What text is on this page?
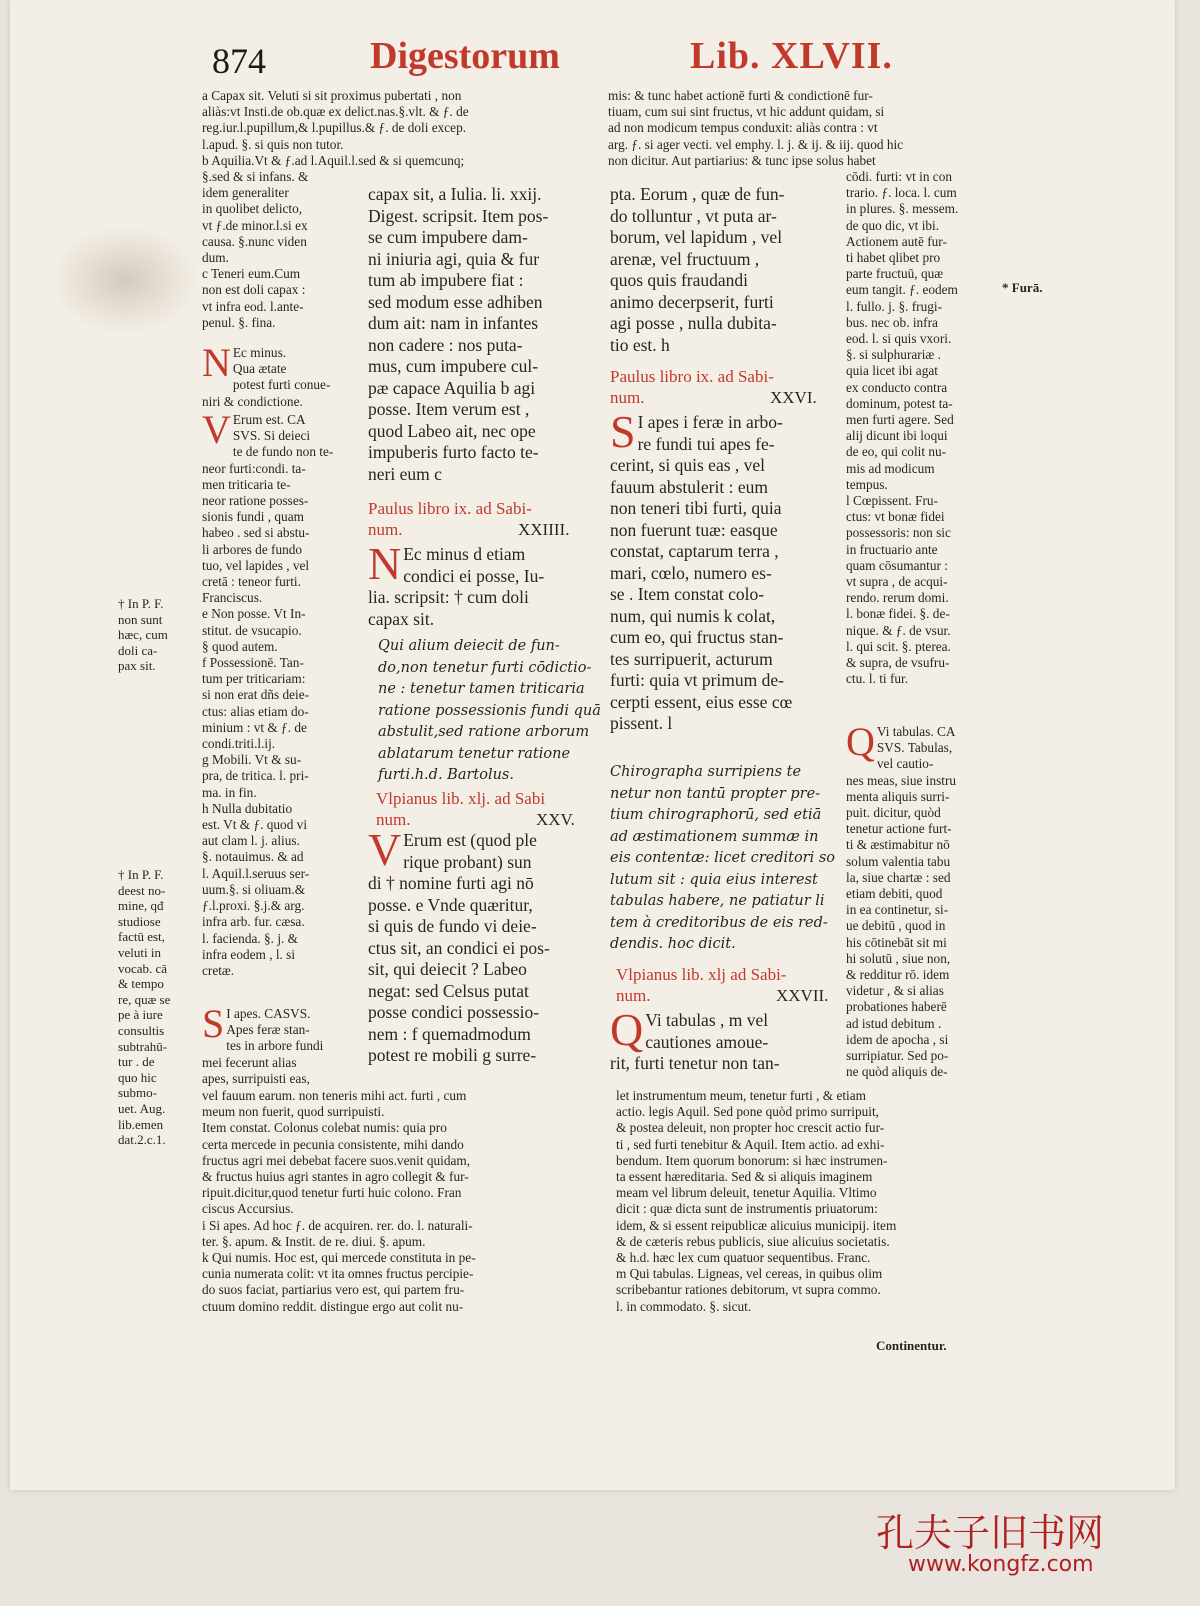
874	Digestorum	Lib. XLVII.

a Capax sit. Veluti si sit proximus pubertati , non

aliàs:vt Insti.de ob.quæ ex delict.nas.§.vlt. & ƒ. de

reg.iur.l.pupillum,& l.pupillus.& ƒ. de doli excep.

l.apud. §. si quis non tutor.

b Aquilia.Vt & ƒ.ad l.Aquil.l.sed & si quemcunq;

§.sed & si infans. &

idem generaliter

in quolibet delicto,

vt ƒ.de minor.l.si ex

causa. §.nunc viden

dum.

c Teneri eum.Cum

non est doli capax :

vt infra eod. l.ante-

penul. §. fina.

N Ec minus.

Qua ætate

potest furti conue-

niri & condictione.

V Erum est. CA

SVS. Si deieci

te de fundo non te-

neor furti:condi. ta-

men triticaria te-

neor ratione posses-

sionis fundi , quam

habeo . sed si abstu-

li arbores de fundo

tuo, vel lapides , vel

cretā : teneor furti.

Franciscus.

e Non posse. Vt In-

stitut. de vsucapio.

§ quod autem.

f Possessionē. Tan-

tum per triticariam:

si non erat dñs deie-

ctus: alias etiam do-

minium : vt & ƒ. de

condi.triti.l.ij.

g Mobili. Vt & su-

pra, de tritica. l. pri-

ma. in fin.

h Nulla dubitatio

est. Vt & ƒ. quod vi

aut clam l. j. alius.

§. notauimus. & ad

l. Aquil.l.seruus ser-

uum.§. si oliuam.&

ƒ.l.proxi. §.j.& arg.

infra arb. fur. cæsa.

l. facienda. §. j. &

infra eodem , l. si

cretæ.

S I apes. CASVS.

Apes feræ stan-

tes in arbore fundi

mei fecerunt alias

apes, surripuisti eas,

vel fauum earum. non teneris mihi act. furti , cum

meum non fuerit, quod surripuisti.

Item constat. Colonus colebat numis: quia pro

certa mercede in pecunia consistente, mihi dando

fructus agri mei debebat facere suos.venit quidam,

& fructus huius agri stantes in agro collegit & fur-

ripuit.dicitur,quod tenetur furti huic colono. Fran

ciscus Accursius.

i Si apes. Ad hoc ƒ. de acquiren. rer. do. l. naturali-

ter. §. apum. & Instit. de re. diui. §. apum.

k Qui numis. Hoc est, qui mercede constituta in pe-

cunia numerata colit: vt ita omnes fructus percipie-

do suos faciat, partiarius vero est, qui partem fru-

ctuum domino reddit. distingue ergo aut colit nu-

† In P. F.

non sunt

hæc, cum

doli ca-

pax sit.

† In P. F.

deest no-

mine, qđ

studiose

factū est,

veluti in

vocab. cā

& tempo

re, quæ se

pe à iure

consultis

subtrahū-

tur . de

quo hic

submo-

uet. Aug.

lib.emen

dat.2.c.1.

capax sit, a Iulia. li. xxij.

Digest. scripsit. Item pos-

se cum impubere dam-

ni iniuria agi, quia & fur

tum ab impubere fiat :

sed modum esse adhiben

dum ait: nam in infantes

non cadere : nos puta-

mus, cum impubere cul-

pæ capace Aquilia b agi

posse. Item verum est ,

quod Labeo ait, nec ope

impuberis furto facto te-

neri eum c

Paulus libro ix. ad Sabi-

num.	XXIIII.

N Ec minus d etiam

condici ei posse, Iu-

lia. scripsit: † cum doli

capax sit.

Qui alium deiecit de fun-

do,non tenetur furti cōdictio-

ne : tenetur tamen triticaria

ratione possessionis fundi quā

abstulit,sed ratione arborum

ablatarum tenetur ratione

furti.h.d. Bartolus.

Vlpianus lib. xlj. ad Sabi

num.	XXV.

V Erum est (quod ple

rique probant) sun

di † nomine furti agi nō

posse. e Vnde quæritur,

si quis de fundo vi deie-

ctus sit, an condici ei pos-

sit, qui deiecit ? Labeo

negat: sed Celsus putat

posse condici possessio-

nem : f quemadmodum

potest re mobili g surre-

mis: & tunc habet actionē furti & condictionē fur-

tiuam, cum sui sint fructus, vt hic addunt quidam, si

ad non modicum tempus conduxit: aliàs contra : vt

arg. ƒ. si ager vecti. vel emphy. l. j. & ij. & iij. quod hic

non dicitur. Aut partiarius: & tunc ipse solus habet

pta. Eorum , quæ de fun-

do tolluntur , vt puta ar-

borum, vel lapidum , vel

arenæ, vel fructuum ,

quos quis fraudandi

animo decerpserit, furti

agi posse , nulla dubita-

tio est. h

Paulus libro ix. ad Sabi-

num.	XXVI.

S I apes i feræ in arbo-

re fundi tui apes fe-

cerint, si quis eas , vel

fauum abstulerit : eum

non teneri tibi furti, quia

non fuerunt tuæ: easque

constat, captarum terra ,

mari, cœlo, numero es-

se . Item constat colo-

num, qui numis k colat,

cum eo, qui fructus stan-

tes surripuerit, acturum

furti: quia vt primum de-

cerpti essent, eius esse cœ

pissent. l

Chirographa surripiens te

netur non tantū propter pre-

tium chirographorū, sed etiā

ad æstimationem summæ in

eis contentæ: licet creditori so

lutum sit : quia eius interest

tabulas habere, ne patiatur li

tem à creditoribus de eis red-

dendis. hoc dicit.

Vlpianus lib. xlj ad Sabi-

num.	XXVII.

Q Vi tabulas , m vel

cautiones amoue-

rit, furti tenetur non tan-

let instrumentum meum, tenetur furti , & etiam

actio. legis Aquil. Sed pone quòd primo surripuit,

& postea deleuit, non propter hoc crescit actio fur-

ti , sed furti tenebitur & Aquil. Item actio. ad exhi-

bendum. Item quorum bonorum: si hæc instrumen-

ta essent hæreditaria. Sed & si aliquis imaginem

meam vel librum deleuit, tenetur Aquilia. Vltimo

dicit : quæ dicta sunt de instrumentis priuatorum:

idem, & si essent reipublicæ alicuius municipij. item

& de cæteris rebus publicis, siue alicuius societatis.

& h.d. hæc lex cum quatuor sequentibus. Franc.

m Qui tabulas. Ligneas, vel cereas, in quibus olim

scribebantur rationes debitorum, vt supra commo.

l. in commodato. §. sicut.

cōdi. furti: vt in con

trario. ƒ. loca. l. cum

in plures. §. messem.

de quo dic, vt ibi.

Actionem autē fur-

ti habet qlibet pro

parte fructuū, quæ

eum tangit. ƒ. eodem

l. fullo. j. §. frugi-

bus. nec ob. infra

eod. l. si quis vxori.

§. si sulphurariæ .

quia licet ibi agat

ex conducto contra

dominum, potest ta-

men furti agere. Sed

alij dicunt ibi loqui

de eo, qui colit nu-

mis ad modicum

tempus.

l Cœpissent. Fru-

ctus: vt bonæ fidei

possessoris: non sic

in fructuario ante

quam cōsumantur :

vt supra , de acqui-

rendo. rerum domi.

l. bonæ fidei. §. de-

nique. & ƒ. de vsur.

l. qui scit. §. pterea.

& supra, de vsufru-

ctu. l. ti fur.

Q Vi tabulas. CA

SVS. Tabulas,

vel cautio-

nes meas, siue instru

menta aliquis surri-

puit. dicitur, quòd

tenetur actione furt-

ti & æstimabitur nō

solum valentia tabu

la, siue chartæ : sed

etiam debiti, quod

in ea continetur, si-

ue debitū , quod in

his cōtinebāt sit mi

hi solutū , siue non,

& redditur rō. idem

videtur , & si alias

probationes haberē

ad istud debitum .

idem de apocha , si

surripiatur. Sed po-

ne quòd aliquis de-

* Furā.
Continentur.
孔夫子旧书网
www.kongfz.com
